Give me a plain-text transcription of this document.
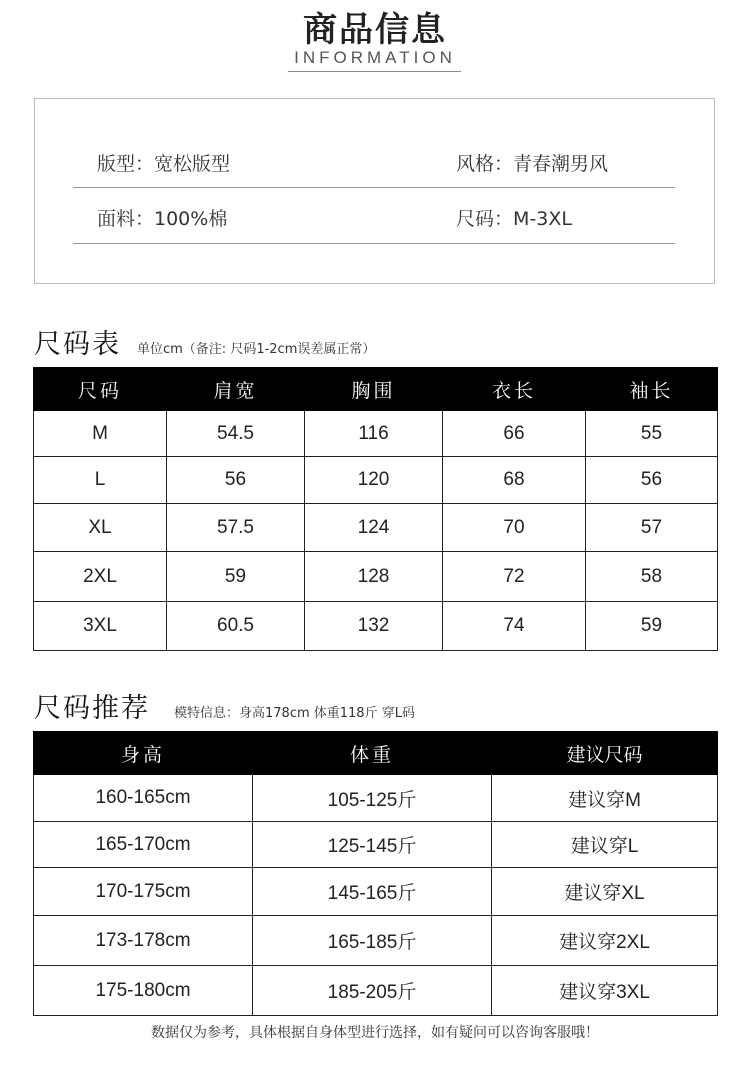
商品信息
INFORMATION
版型：宽松版型	风格：青春潮男风
面料：100%棉	尺码：M-3XL
尺码表 单位cm（备注: 尺码1-2cm误差属正常）
尺码	肩宽	胸围	衣长	袖长
M	54.5	116	66	55
L	56	120	68	56
XL	57.5	124	70	57
2XL	59	128	72	58
3XL	60.5	132	74	59
尺码推荐 模特信息：身高178cm 体重118斤 穿L码
身高	体重	建议尺码
160-165cm	105-125斤	建议穿M
165-170cm	125-145斤	建议穿L
170-175cm	145-165斤	建议穿XL
173-178cm	165-185斤	建议穿2XL
175-180cm	185-205斤	建议穿3XL
数据仅为参考，具体根据自身体型进行选择，如有疑问可以咨询客服哦！
